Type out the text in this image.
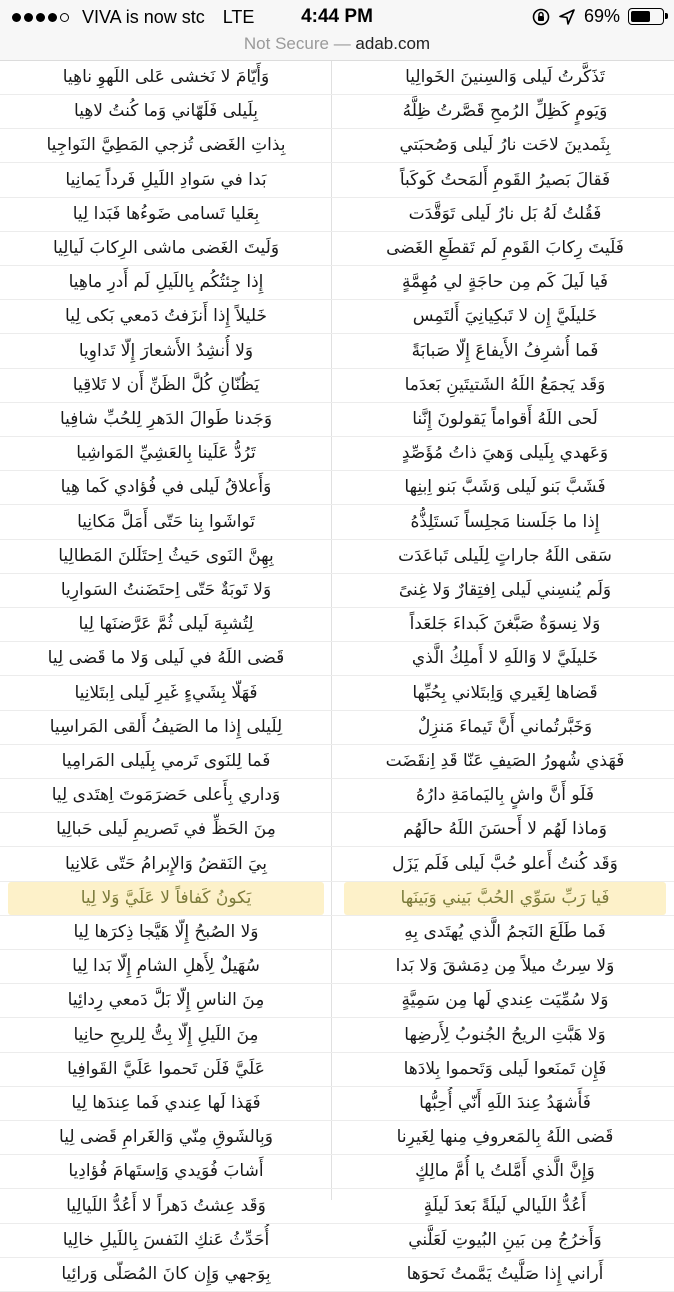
VIVA is now stc LTE	4:44 PM	69%
Not Secure — adab.com
تَذَكَّرتُ لَيلى وَالسِنينَ الخَوالِيا
وَأَيّامَ لا نَخشى عَلى اللَهوِ ناهِيا
وَيَومٍ كَظِلِّ الرُمحِ قَصَّرتُ ظِلَّهُ
بِلَيلى فَلَهّاني وَما كُنتُ لاهِيا
بِثَمدينَ لاحَت نارُ لَيلى وَصُحبَتي
بِذاتِ الغَضى تُزجي المَطِيَّ النَواجِيا
فَقالَ بَصيرُ القَومِ أَلمَحتُ كَوكَباً
بَدا في سَوادِ اللَيلِ فَرداً يَمانِيا
فَقُلتُ لَهُ بَل نارُ لَيلى تَوَقَّدَت
بِعَليا تَسامى ضَوءُها فَبَدا لِيا
فَلَيتَ رِكابَ القَومِ لَم تَقطَعِ الغَضى
وَلَيتَ الغَضى ماشى الرِكابَ لَيالِيا
فَيا لَيلَ كَم مِن حاجَةٍ لي مُهِمَّةٍ
إِذا جِئتُكُم بِاللَيلِ لَم أَدرِ ماهِيا
خَليلَيَّ إِن لا تَبكِيانِيَ أَلتَمِس
خَليلاً إِذا أَنزَفتُ دَمعي بَكى لِيا
فَما أُشرِفُ الأَيفاعَ إِلّا صَبابَةً
وَلا أُنشِدُ الأَشعارَ إِلّا تَداوِيا
وَقَد يَجمَعُ اللَهُ الشَتيتَينِ بَعدَما
يَظُنّانِ كُلَّ الظَنِّ أَن لا تَلاقِيا
لَحى اللَهُ أَقواماً يَقولونَ إِنَّنا
وَجَدنا طَوالَ الدَهرِ لِلحُبِّ شافِيا
وَعَهدي بِلَيلى وَهيَ ذاتُ مُؤَصِّدٍ
تَرُدُّ عَلَينا بِالعَشِيِّ المَواشِيا
فَشَبَّ بَنو لَيلى وَشَبَّ بَنو اِبنِها
وَأَعلاقُ لَيلى في فُؤادي كَما هِيا
إِذا ما جَلَسنا مَجلِساً نَستَلِذُّهُ
تَواشَوا بِنا حَتّى أَمَلَّ مَكانِيا
سَقى اللَهُ جاراتٍ لِلَيلى تَباعَدَت
بِهِنَّ النَوى حَيثُ اِحتَلَلنَ المَطالِيا
وَلَم يُنسِني لَيلى اِفتِقارٌ وَلا غِنىً
وَلا تَوبَةٌ حَتّى اِحتَضَنتُ السَوارِيا
وَلا نِسوَةٌ صَبَّغنَ كَبداءَ جَلعَداً
لِتُشبِهَ لَيلى ثُمَّ عَرَّضنَها لِيا
خَليلَيَّ لا وَاللَهِ لا أَملِكُ الَّذي
قَضى اللَهُ في لَيلى وَلا ما قَضى لِيا
قَضاها لِغَيري وَاِبتَلاني بِحُبِّها
فَهَلّا بِشَيءٍ غَيرِ لَيلى اِبتَلانِيا
وَخَبَّرتُماني أَنَّ تَيماءَ مَنزِلٌ
لِلَيلى إِذا ما الصَيفُ أَلقى المَراسِيا
فَهَذي شُهورُ الصَيفِ عَنّا قَدِ اِنقَضَت
فَما لِلنَوى تَرمي بِلَيلى المَرامِيا
فَلَو أَنَّ واشٍ بِاليَمامَةِ دارُهُ
وَداري بِأَعلى حَضرَمَوتَ اِهتَدى لِيا
وَماذا لَهُم لا أَحسَنَ اللَهُ حالَهُم
مِنَ الحَظِّ في تَصريمِ لَيلى حَبالِيا
وَقَد كُنتُ أَعلو حُبَّ لَيلى فَلَم يَزَل
بِيَ النَقضُ وَالإِبرامُ حَتّى عَلانِيا
فَيا رَبِّ سَوِّي الحُبَّ بَيني وَبَينَها
يَكونُ كَفافاً لا عَلَيَّ وَلا لِيا
فَما طَلَعَ النَجمُ الَّذي يُهتَدى بِهِ
وَلا الصُبحُ إِلّا هَيَّجا ذِكرَها لِيا
وَلا سِرتُ ميلاً مِن دِمَشقَ وَلا بَدا
سُهَيلٌ لِأَهلِ الشامِ إِلّا بَدا لِيا
وَلا سُمِّيَت عِندي لَها مِن سَمِيَّةٍ
مِنَ الناسِ إِلّا بَلَّ دَمعي رِدائِيا
وَلا هَبَّتِ الريحُ الجُنوبُ لِأَرضِها
مِنَ اللَيلِ إِلّا بِتُّ لِلريحِ حانِيا
فَإِن تَمنَعوا لَيلى وَتَحموا بِلادَها
عَلَيَّ فَلَن تَحموا عَلَيَّ القَوافِيا
فَأَشهَدُ عِندَ اللَهِ أَنّي أُحِبُّها
فَهَذا لَها عِندي فَما عِندَها لِيا
قَضى اللَهُ بِالمَعروفِ مِنها لِغَيرِنا
وَبِالشَوقِ مِنّي وَالغَرامِ قَضى لِيا
وَإِنَّ الَّذي أَمَّلتُ يا أُمَّ مالِكٍ
أَشابَ فُوَيدي وَاِستَهامَ فُؤادِيا
أَعُدُّ اللَيالي لَيلَةً بَعدَ لَيلَةٍ
وَقَد عِشتُ دَهراً لا أَعُدُّ اللَيالِيا
وَأَخرُجُ مِن بَينِ البُيوتِ لَعَلَّني
أُحَدِّثُ عَنكِ النَفسَ بِاللَيلِ خالِيا
أَراني إِذا صَلَّيتُ يَمَّمتُ نَحوَها
بِوَجهي وَإِن كانَ المُصَلّى وَرائِيا
